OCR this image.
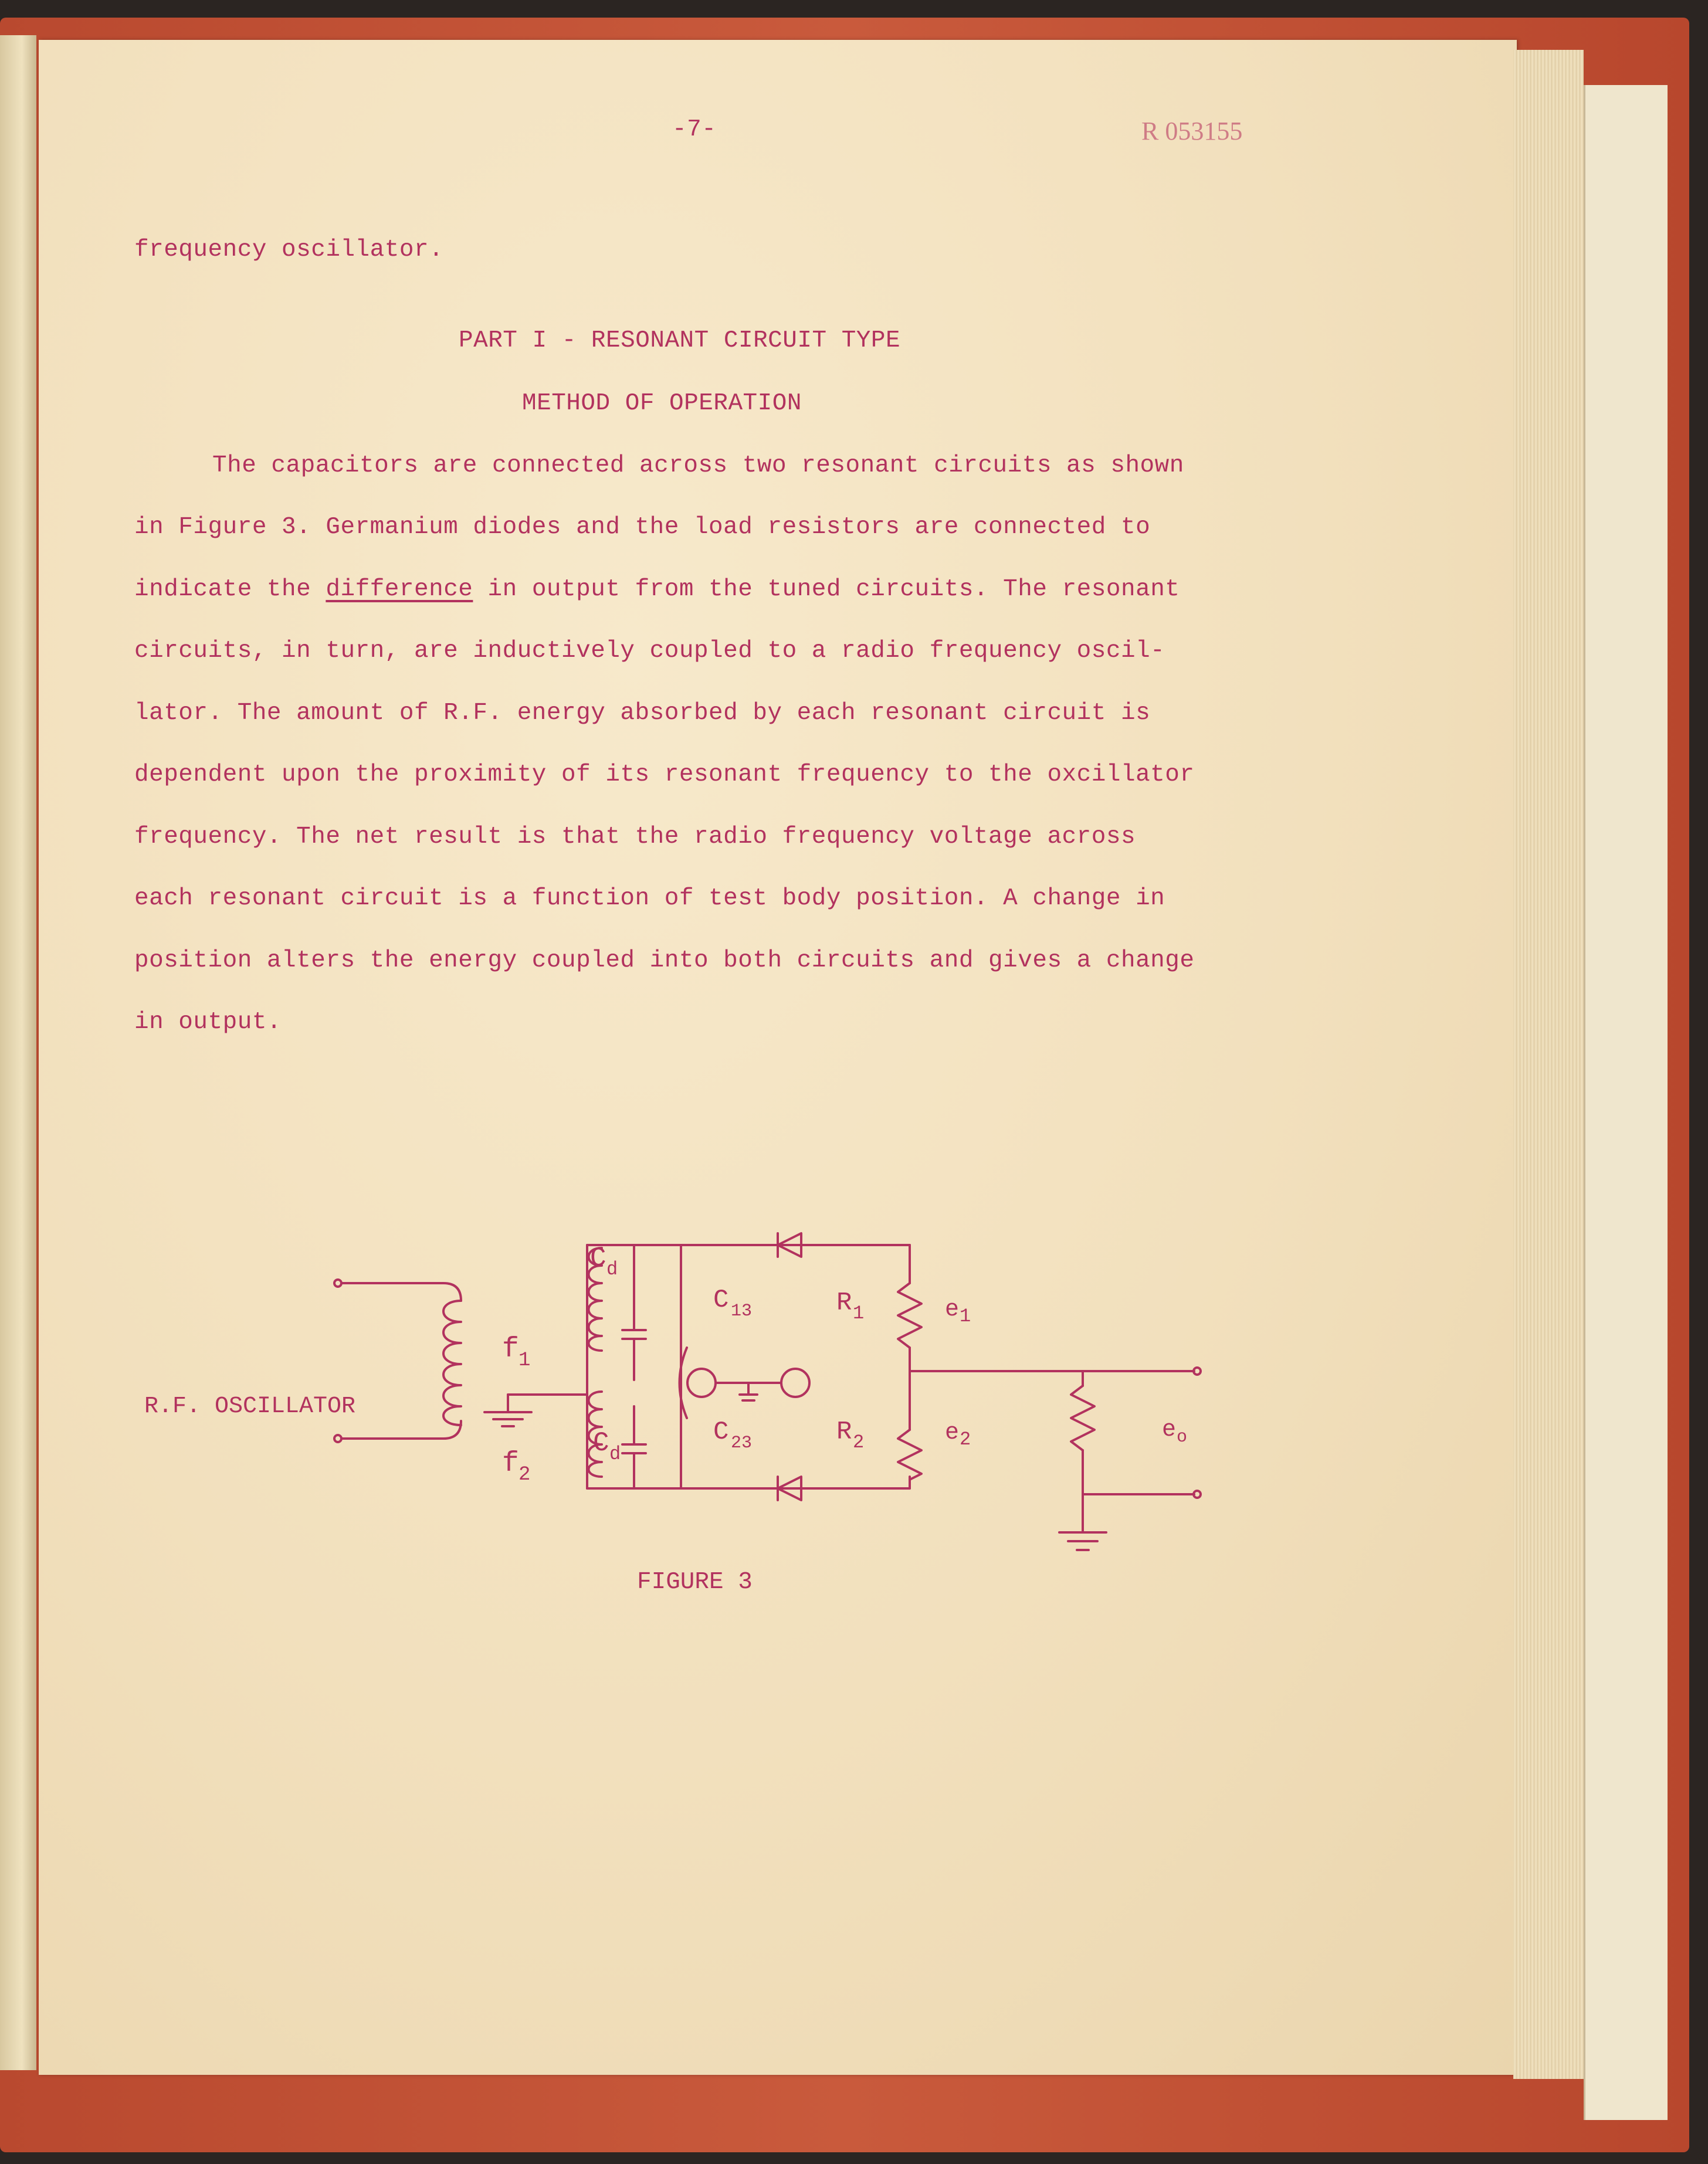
-7-	R 053155
frequency oscillator.
PART I - RESONANT CIRCUIT TYPE
METHOD OF OPERATION
The capacitors are connected across two resonant circuits as shown
in Figure 3. Germanium diodes and the load resistors are connected to
indicate the difference in output from the tuned circuits. The resonant
circuits, in turn, are inductively coupled to a radio frequency oscil-
lator. The amount of R.F. energy absorbed by each resonant circuit is
dependent upon the proximity of its resonant frequency to the oxcillator
frequency. The net result is that the radio frequency voltage across
each resonant circuit is a function of test body position. A change in
position alters the energy coupled into both circuits and gives a change
in output.
R.F. OSCILLATOR
f 1
f 2
C d
C d
C 13
C 23
R 1
R 2
e 1
e 2	e o
FIGURE 3
